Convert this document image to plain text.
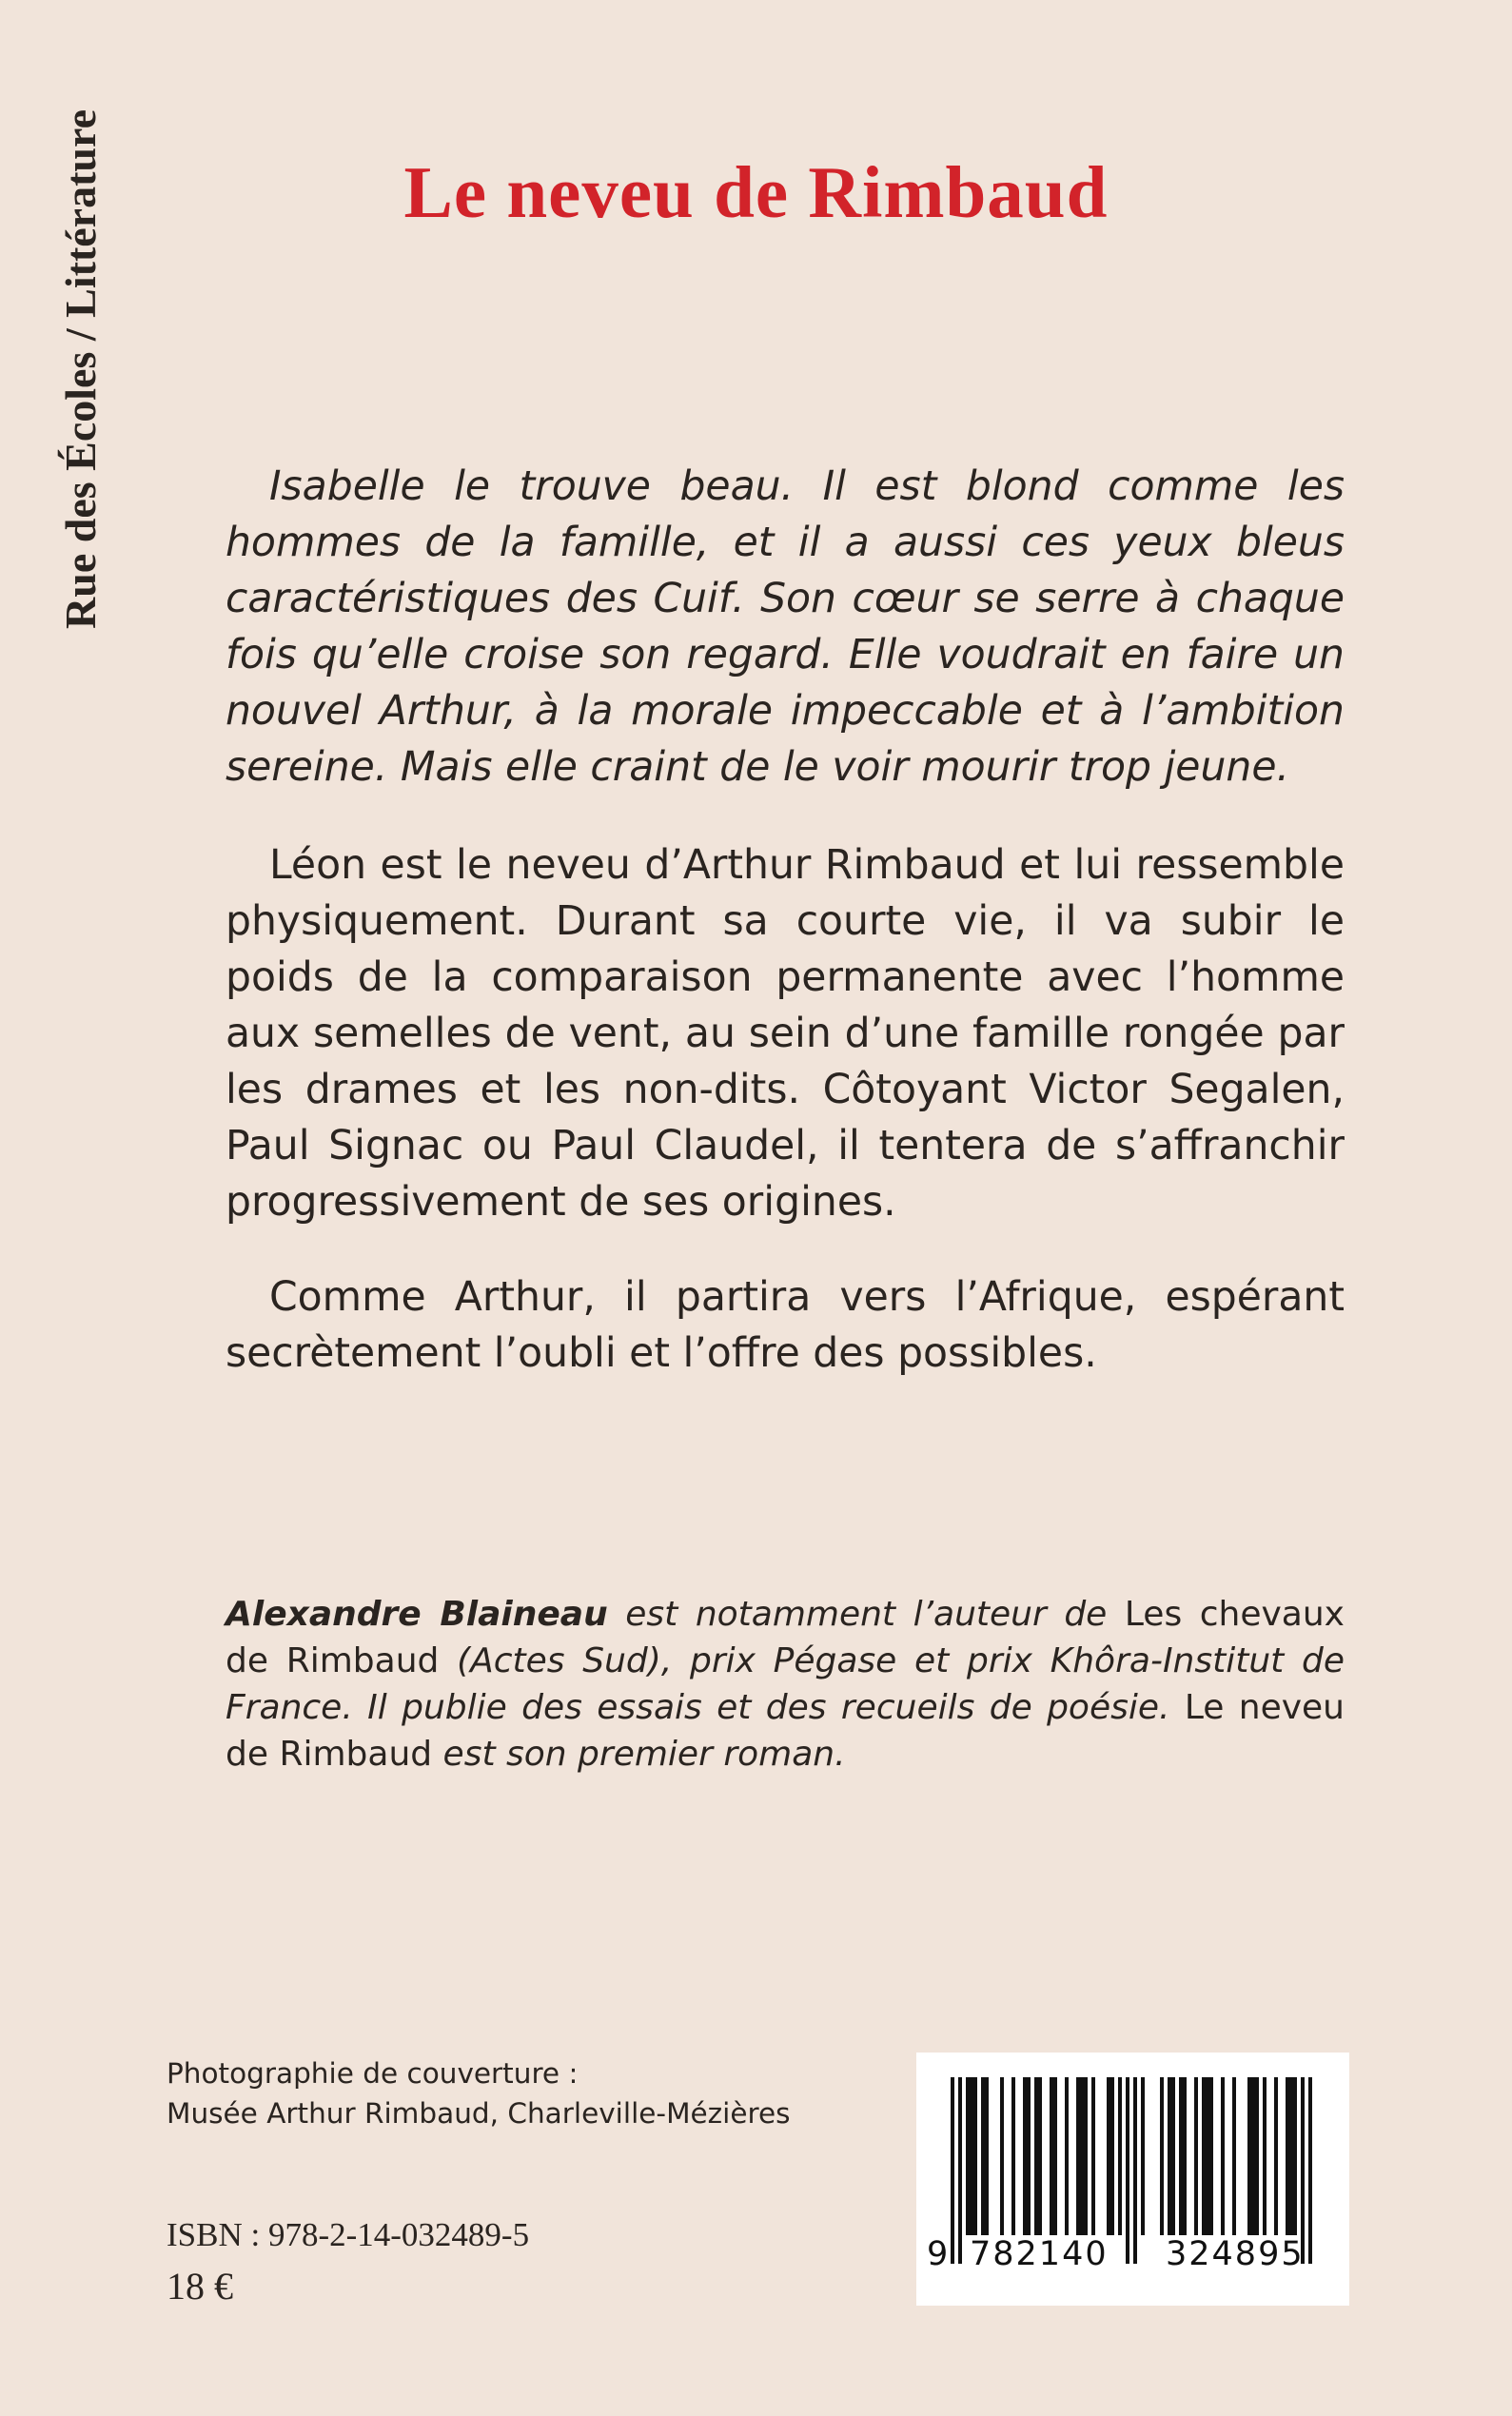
Rue des Écoles / Littérature	Le neveu de Rimbaud

Isabelle le trouve beau. Il est blond comme les hommes de la famille, et il a aussi ces yeux bleus caractéristiques des Cuif. Son cœur se serre à chaque fois qu’elle croise son regard. Elle voudrait en faire un nouvel Arthur, à la morale impeccable et à l’ambition sereine. Mais elle craint de le voir mourir trop jeune.

Léon est le neveu d’Arthur Rimbaud et lui ressemble physiquement. Durant sa courte vie, il va subir le poids de la comparaison permanente avec l’homme aux semelles de vent, au sein d’une famille rongée par les drames et les non-dits. Côtoyant Victor Segalen, Paul Signac ou Paul Claudel, il tentera de s’affranchir progressivement de ses origines.

Comme Arthur, il partira vers l’Afrique, espérant secrètement l’oubli et l’offre des possibles.

Alexandre Blaineau est notamment l’auteur de Les chevaux de Rimbaud (Actes Sud), prix Pégase et prix Khôra-Institut de France. Il publie des essais et des recueils de poésie. Le neveu de Rimbaud est son premier roman.

Photographie de couverture :
Musée Arthur Rimbaud, Charleville-Mézières
ISBN : 978-2-14-032489-5
18 €
9 782140 324895
